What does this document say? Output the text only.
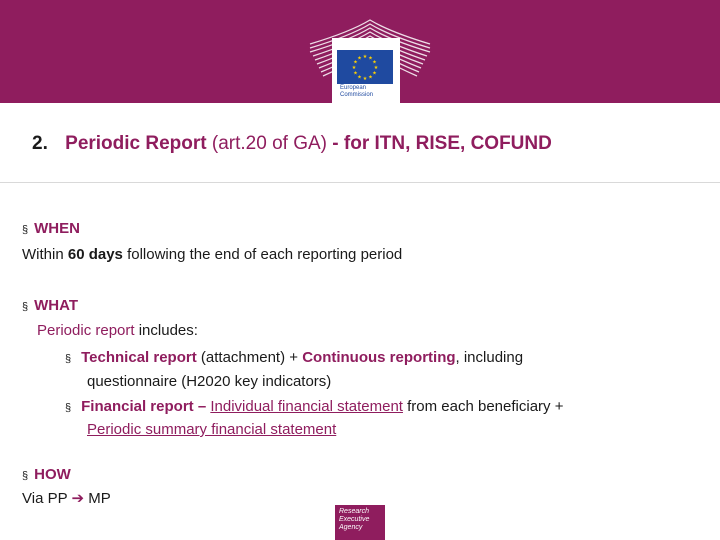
★ ★
★
★
★
★
★
★
★
★
★
★
European
Commission
2. Periodic Report (art.20 of GA) - for ITN, RISE, COFUND
§ WHEN
Within 60 days following the end of each reporting period
§ WHAT
Periodic report includes:
§ Technical report (attachment) + Continuous reporting, including
questionnaire (H2020 key indicators)
§ Financial report – Individual financial statement from each beneficiary +
Periodic summary financial statement
§ HOW
Via PP ➔ MP
Research
Executive
Agency
